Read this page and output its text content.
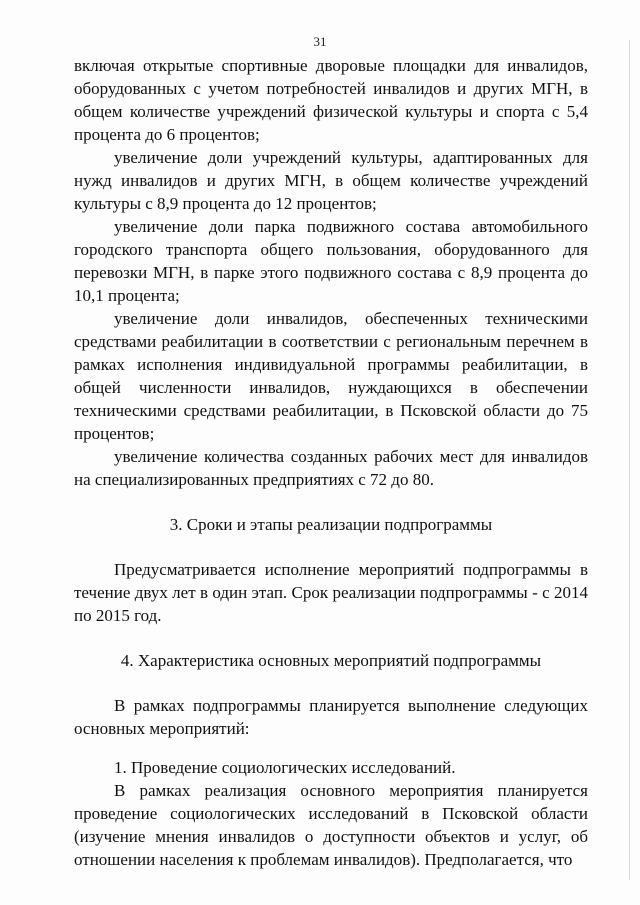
31

включая открытые спортивные дворовые площадки для инвалидов, оборудованных с учетом потребностей инвалидов и других МГН, в общем количестве учреждений физической культуры и спорта с 5,4 процента до 6 процентов;

увеличение доли учреждений культуры, адаптированных для нужд инвалидов и других МГН, в общем количестве учреждений культуры с 8,9 процента до 12 процентов;

увеличение доли парка подвижного состава автомобильного городского транспорта общего пользования, оборудованного для перевозки МГН, в парке этого подвижного состава с 8,9 процента до 10,1 процента;

увеличение доли инвалидов, обеспеченных техническими средствами реабилитации в соответствии с региональным перечнем в рамках исполнения индивидуальной программы реабилитации, в общей численности инвалидов, нуждающихся в обеспечении техническими средствами реабилитации, в Псковской области до 75 процентов;

увеличение количества созданных рабочих мест для инвалидов на специализированных предприятиях с 72 до 80.

3. Сроки и этапы реализации подпрограммы

Предусматривается исполнение мероприятий подпрограммы в течение двух лет в один этап. Срок реализации подпрограммы - с 2014 по 2015 год.

4. Характеристика основных мероприятий подпрограммы

В рамках подпрограммы планируется выполнение следующих основных мероприятий:

1. Проведение социологических исследований.

В рамках реализация основного мероприятия планируется проведение социологических исследований в Псковской области (изучение мнения инвалидов о доступности объектов и услуг, об отношении населения к проблемам инвалидов). Предполагается, что
